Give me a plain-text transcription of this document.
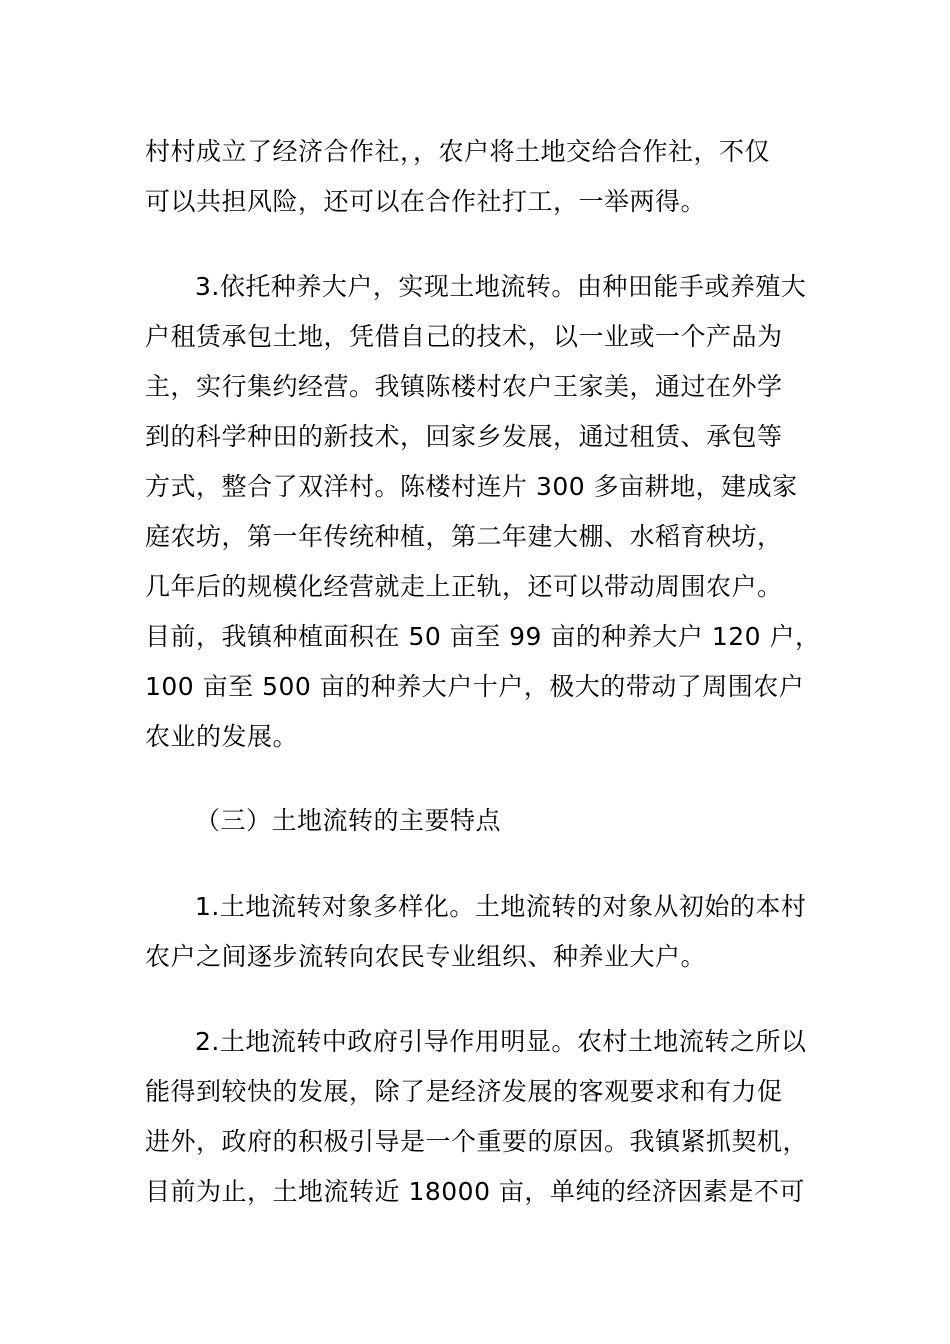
村村成立了经济合作社，，农户将土地交给合作社，不仅
可以共担风险，还可以在合作社打工，一举两得。
3.依托种养大户，实现土地流转。由种田能手或养殖大
户租赁承包土地，凭借自己的技术，以一业或一个产品为
主，实行集约经营。我镇陈楼村农户王家美，通过在外学
到的科学种田的新技术，回家乡发展，通过租赁、承包等
方式，整合了双洋村。陈楼村连片 300 多亩耕地，建成家
庭农坊，第一年传统种植，第二年建大棚、水稻育秧坊，
几年后的规模化经营就走上正轨，还可以带动周围农户。
目前，我镇种植面积在 50 亩至 99 亩的种养大户 120 户，
100 亩至 500 亩的种养大户十户，极大的带动了周围农户
农业的发展。
（三）土地流转的主要特点
1.土地流转对象多样化。土地流转的对象从初始的本村
农户之间逐步流转向农民专业组织、种养业大户。
2.土地流转中政府引导作用明显。农村土地流转之所以
能得到较快的发展，除了是经济发展的客观要求和有力促
进外，政府的积极引导是一个重要的原因。我镇紧抓契机，
目前为止，土地流转近 18000 亩，单纯的经济因素是不可
